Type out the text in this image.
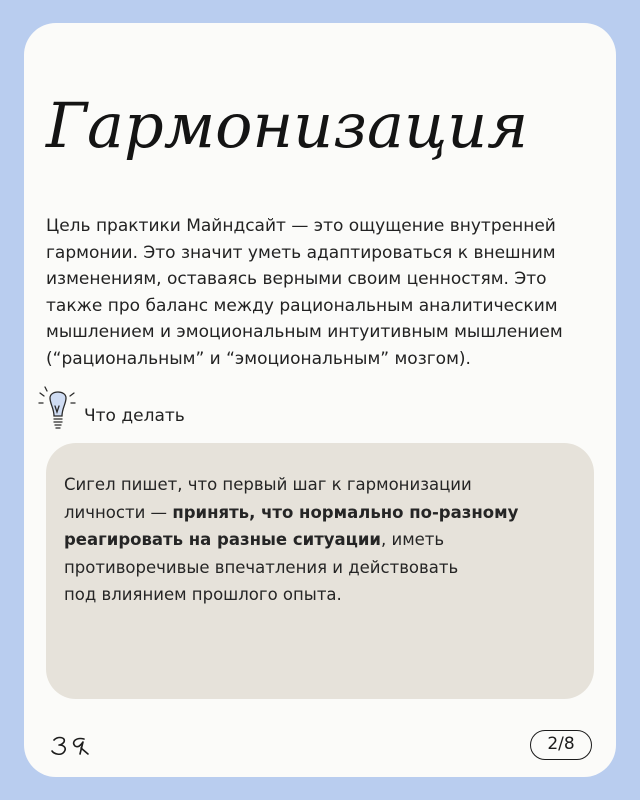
Гармонизация
Цель практики Майндсайт — это ощущение внутренней
гармонии. Это значит уметь адаптироваться к внешним
изменениям, оставаясь верными своим ценностям. Это
также про баланс между рациональным аналитическим
мышлением и эмоциональным интуитивным мышлением
(“рациональным” и “эмоциональным” мозгом).
Что делать
Сигел пишет, что первый шаг к гармонизации
личности — принять, что нормально по-разному
реагировать на разные ситуации, иметь
противоречивые впечатления и действовать
под влиянием прошлого опыта.
2/8
